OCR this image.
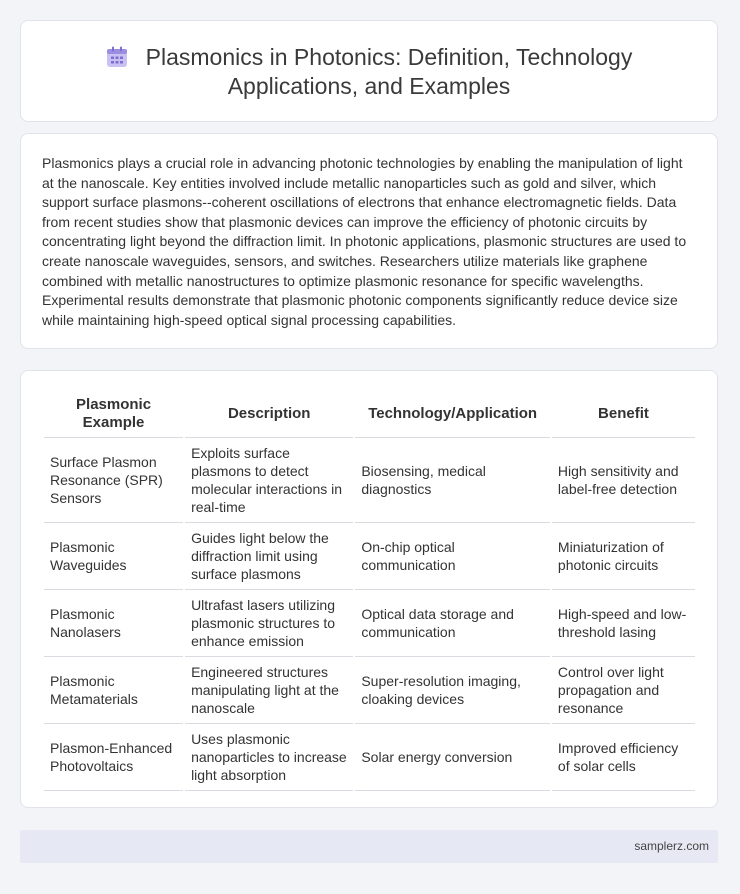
Plasmonics in Photonics: Definition, Technology
Applications, and Examples
Plasmonics plays a crucial role in advancing photonic technologies by enabling the manipulation of light at the nanoscale. Key entities involved include metallic nanoparticles such as gold and silver, which support surface plasmons--coherent oscillations of electrons that enhance electromagnetic fields. Data from recent studies show that plasmonic devices can improve the efficiency of photonic circuits by concentrating light beyond the diffraction limit. In photonic applications, plasmonic structures are used to create nanoscale waveguides, sensors, and switches. Researchers utilize materials like graphene combined with metallic nanostructures to optimize plasmonic resonance for specific wavelengths. Experimental results demonstrate that plasmonic photonic components significantly reduce device size while maintaining high-speed optical signal processing capabilities.
Plasmonic Example	Description	Technology/Application	Benefit
Surface Plasmon Resonance (SPR) Sensors	Exploits surface plasmons to detect molecular interactions in real-time	Biosensing, medical diagnostics	High sensitivity and label-free detection
Plasmonic Waveguides	Guides light below the diffraction limit using surface plasmons	On-chip optical communication	Miniaturization of photonic circuits
Plasmonic Nanolasers	Ultrafast lasers utilizing plasmonic structures to enhance emission	Optical data storage and communication	High-speed and low-threshold lasing
Plasmonic Metamaterials	Engineered structures manipulating light at the nanoscale	Super-resolution imaging, cloaking devices	Control over light propagation and resonance
Plasmon-Enhanced Photovoltaics	Uses plasmonic nanoparticles to increase light absorption	Solar energy conversion	Improved efficiency of solar cells
samplerz.com
